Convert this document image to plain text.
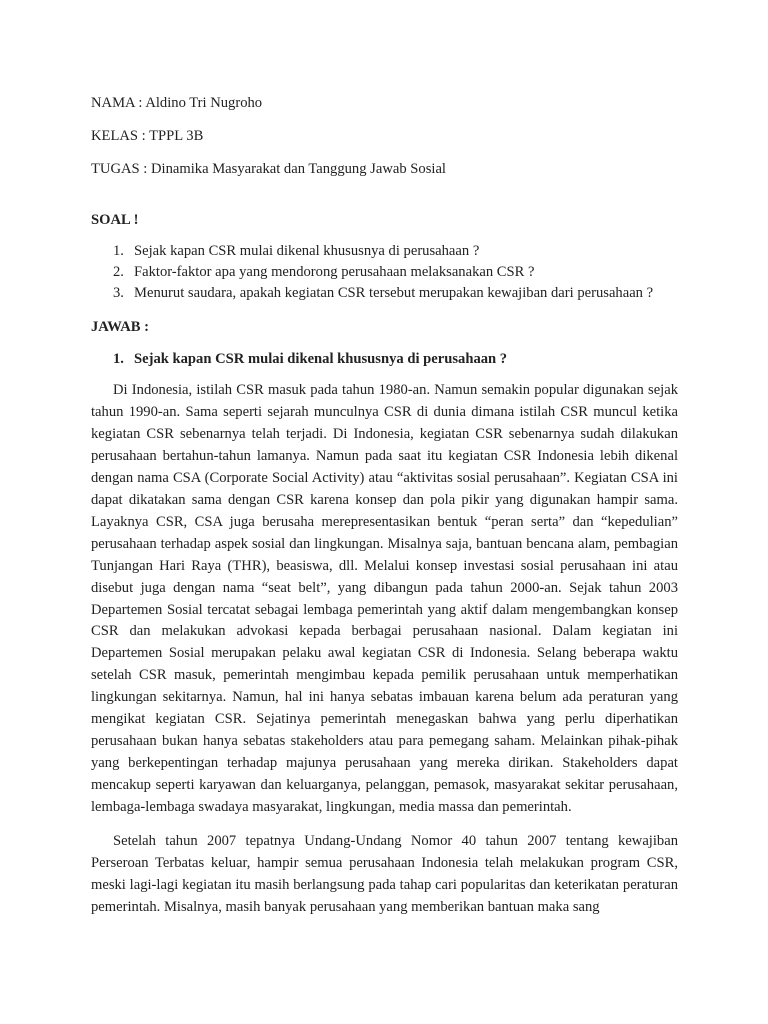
NAMA : Aldino Tri Nugroho

KELAS : TPPL 3B

TUGAS : Dinamika Masyarakat dan Tanggung Jawab Sosial

SOAL !

1. Sejak kapan CSR mulai dikenal khususnya di perusahaan ?
2. Faktor-faktor apa yang mendorong perusahaan melaksanakan CSR ?
3. Menurut saudara, apakah kegiatan CSR tersebut merupakan kewajiban dari perusahaan ?

JAWAB :

1. Sejak kapan CSR mulai dikenal khususnya di perusahaan ?

Di Indonesia, istilah CSR masuk pada tahun 1980-an. Namun semakin popular digunakan sejak tahun 1990-an. Sama seperti sejarah munculnya CSR di dunia dimana istilah CSR muncul ketika kegiatan CSR sebenarnya telah terjadi. Di Indonesia, kegiatan CSR sebenarnya sudah dilakukan perusahaan bertahun-tahun lamanya. Namun pada saat itu kegiatan CSR Indonesia lebih dikenal dengan nama CSA (Corporate Social Activity) atau “aktivitas sosial perusahaan”. Kegiatan CSA ini dapat dikatakan sama dengan CSR karena konsep dan pola pikir yang digunakan hampir sama. Layaknya CSR, CSA juga berusaha merepresentasikan bentuk “peran serta” dan “kepedulian” perusahaan terhadap aspek sosial dan lingkungan. Misalnya saja, bantuan bencana alam, pembagian Tunjangan Hari Raya (THR), beasiswa, dll. Melalui konsep investasi sosial perusahaan ini atau disebut juga dengan nama “seat belt”, yang dibangun pada tahun 2000-an. Sejak tahun 2003 Departemen Sosial tercatat sebagai lembaga pemerintah yang aktif dalam mengembangkan konsep CSR dan melakukan advokasi kepada berbagai perusahaan nasional. Dalam kegiatan ini Departemen Sosial merupakan pelaku awal kegiatan CSR di Indonesia. Selang beberapa waktu setelah CSR masuk, pemerintah mengimbau kepada pemilik perusahaan untuk memperhatikan lingkungan sekitarnya. Namun, hal ini hanya sebatas imbauan karena belum ada peraturan yang mengikat kegiatan CSR. Sejatinya pemerintah menegaskan bahwa yang perlu diperhatikan perusahaan bukan hanya sebatas stakeholders atau para pemegang saham. Melainkan pihak-pihak yang berkepentingan terhadap majunya perusahaan yang mereka dirikan. Stakeholders dapat mencakup seperti karyawan dan keluarganya, pelanggan, pemasok, masyarakat sekitar perusahaan, lembaga-lembaga swadaya masyarakat, lingkungan, media massa dan pemerintah.

Setelah tahun 2007 tepatnya Undang-Undang Nomor 40 tahun 2007 tentang kewajiban Perseroan Terbatas keluar, hampir semua perusahaan Indonesia telah melakukan program CSR, meski lagi-lagi kegiatan itu masih berlangsung pada tahap cari popularitas dan keterikatan peraturan pemerintah. Misalnya, masih banyak perusahaan yang memberikan bantuan maka sang
